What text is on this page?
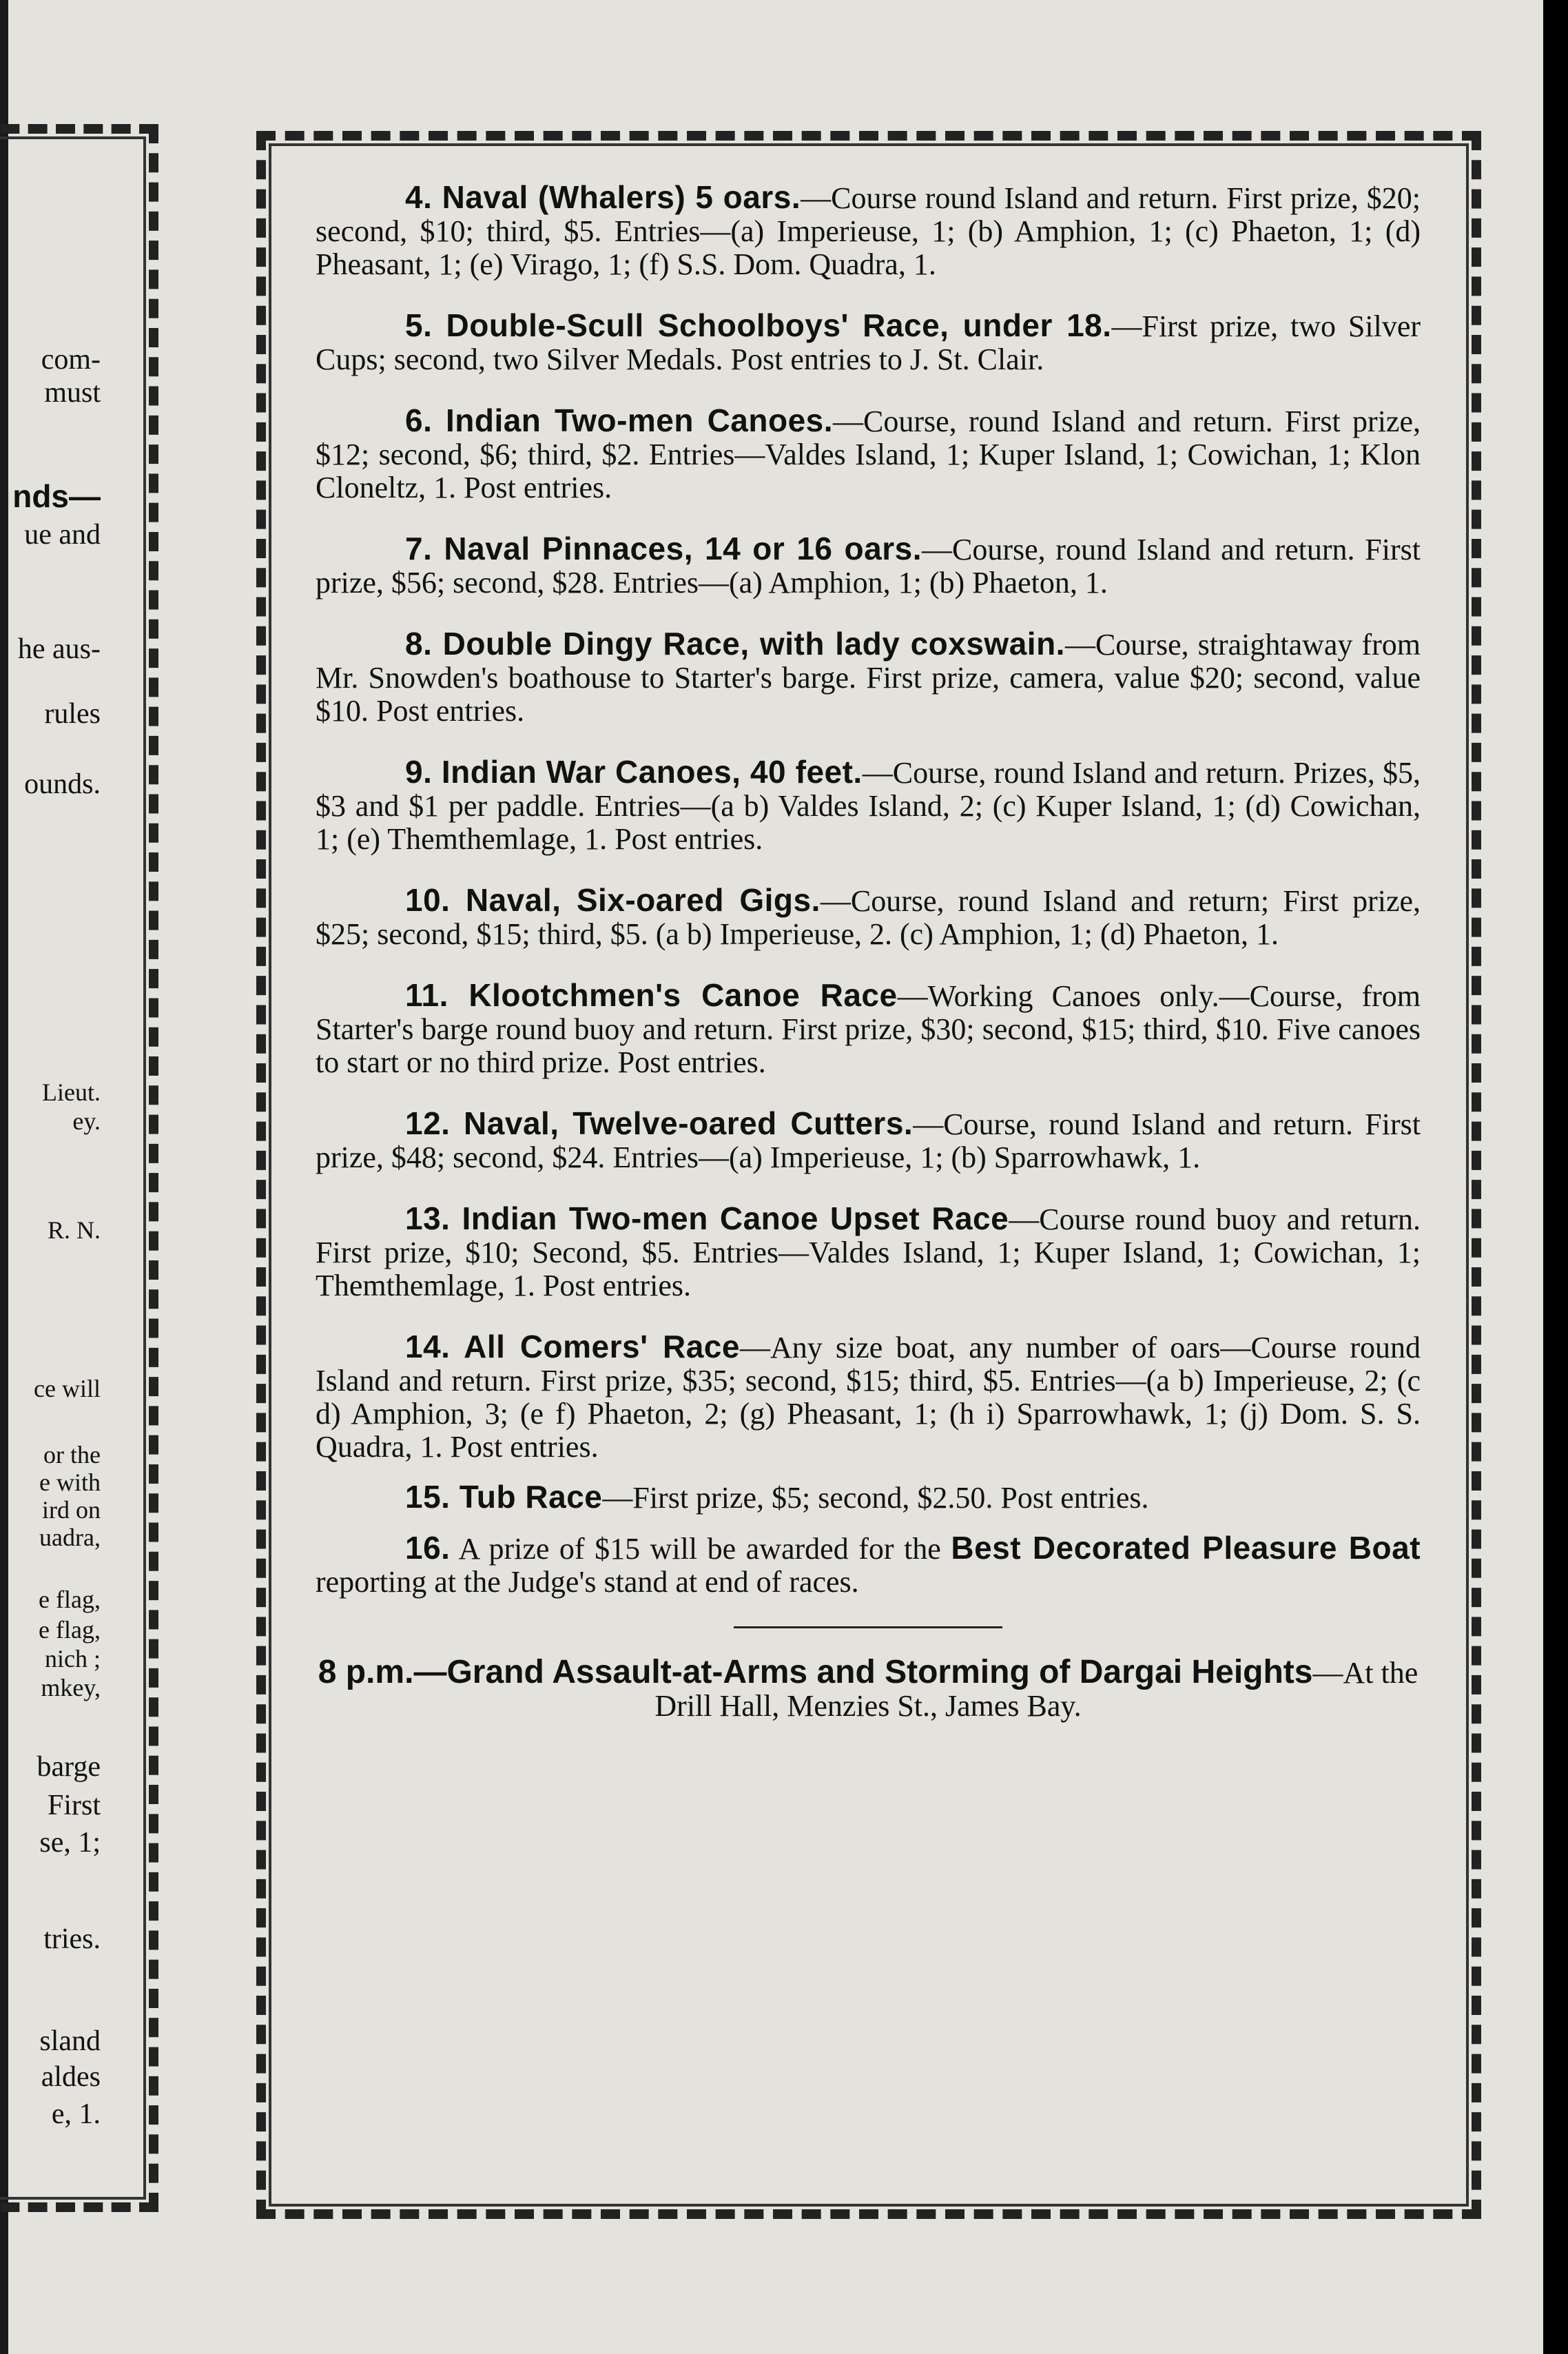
com-
must
nds—
ue and
he aus-
rules
ounds.
Lieut.
ey.
R. N.
ce will
or the
e with
ird on
uadra,
e flag,
e flag,
nich ;
mkey,
barge
First
se, 1;
tries.
sland
aldes
e, 1.
4. Naval (Whalers) 5 oars.—Course round Island and return. First prize, $20; second, $10; third, $5. Entries—(a) Imperieuse, 1; (b) Amphion, 1; (c) Phaeton, 1; (d) Pheasant, 1; (e) Virago, 1; (f) S.S. Dom. Quadra, 1.
5. Double-Scull Schoolboys' Race, under 18.—First prize, two Silver Cups; second, two Silver Medals. Post entries to J. St. Clair.
6. Indian Two-men Canoes.—Course, round Island and return. First prize, $12; second, $6; third, $2. Entries—Valdes Island, 1; Kuper Island, 1; Cowichan, 1; Klon Cloneltz, 1. Post entries.
7. Naval Pinnaces, 14 or 16 oars.—Course, round Island and return. First prize, $56; second, $28. Entries—(a) Amphion, 1; (b) Phaeton, 1.
8. Double Dingy Race, with lady coxswain.—Course, straightaway from Mr. Snowden's boathouse to Starter's barge. First prize, camera, value $20; second, value $10. Post entries.
9. Indian War Canoes, 40 feet.—Course, round Island and return. Prizes, $5, $3 and $1 per paddle. Entries—(a b) Valdes Island, 2; (c) Kuper Island, 1; (d) Cowichan, 1; (e) Themthemlage, 1. Post entries.
10. Naval, Six-oared Gigs.—Course, round Island and return; First prize, $25; second, $15; third, $5. (a b) Imperieuse, 2. (c) Amphion, 1; (d) Phaeton, 1.
11. Klootchmen's Canoe Race—Working Canoes only.—Course, from Starter's barge round buoy and return. First prize, $30; second, $15; third, $10. Five canoes to start or no third prize. Post entries.
12. Naval, Twelve-oared Cutters.—Course, round Island and return. First prize, $48; second, $24. Entries—(a) Imperieuse, 1; (b) Sparrowhawk, 1.
13. Indian Two-men Canoe Upset Race—Course round buoy and return. First prize, $10; Second, $5. Entries—Valdes Island, 1; Kuper Island, 1; Cowichan, 1; Themthemlage, 1. Post entries.
14. All Comers' Race—Any size boat, any number of oars—Course round Island and return. First prize, $35; second, $15; third, $5. Entries—(a b) Imperieuse, 2; (c d) Amphion, 3; (e f) Phaeton, 2; (g) Pheasant, 1; (h i) Sparrowhawk, 1; (j) Dom. S. S. Quadra, 1. Post entries.
15. Tub Race—First prize, $5; second, $2.50. Post entries.
16. A prize of $15 will be awarded for the Best Decorated Pleasure Boat reporting at the Judge's stand at end of races.
8 p.m.—Grand Assault-at-Arms and Storming of Dargai Heights—At the Drill Hall, Menzies St., James Bay.
